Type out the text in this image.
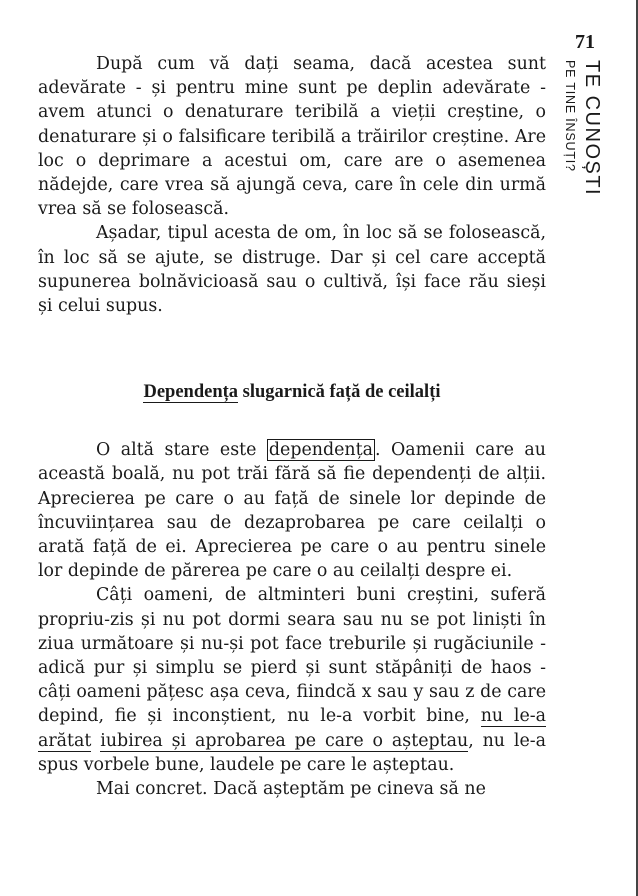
71
TE CUNOȘTI
PE TINE ÎNSUȚI?

După cum vă dați seama, dacă acestea sunt adevărate - și pentru mine sunt pe deplin adevărate - avem atunci o denaturare teribilă a vieții creștine, o denaturare și o falsificare teribilă a trăirilor creștine. Are loc o deprimare a acestui om, care are o asemenea nădejde, care vrea să ajungă ceva, care în cele din urmă vrea să se folosească.

Așadar, tipul acesta de om, în loc să se folosească, în loc să se ajute, se distruge. Dar și cel care acceptă supunerea bolnăvicioasă sau o cultivă, își face rău sieși și celui supus.

Dependența slugarnică față de ceilalți

O altă stare este dependența . Oamenii care au această boală, nu pot trăi fără să fie dependenți de alții. Aprecierea pe care o au față de sinele lor depinde de încuviințarea sau de dezaprobarea pe care ceilalți o arată față de ei. Aprecierea pe care o au pentru sinele lor depinde de părerea pe care o au ceilalți despre ei.

Câți oameni, de altminteri buni creștini, suferă propriu-zis și nu pot dormi seara sau nu se pot liniști în ziua următoare și nu-și pot face treburile și rugăciunile - adică pur și simplu se pierd și sunt stăpâniți de haos - câți oameni pățesc așa ceva, fiindcă x sau y sau z de care depind, fie și inconștient, nu le-a vorbit bine, nu le-a arătat iubirea și aprobarea pe care o așteptau, nu le-a spus vorbele bune, laudele pe care le așteptau.

Mai concret. Dacă așteptăm pe cineva să ne
